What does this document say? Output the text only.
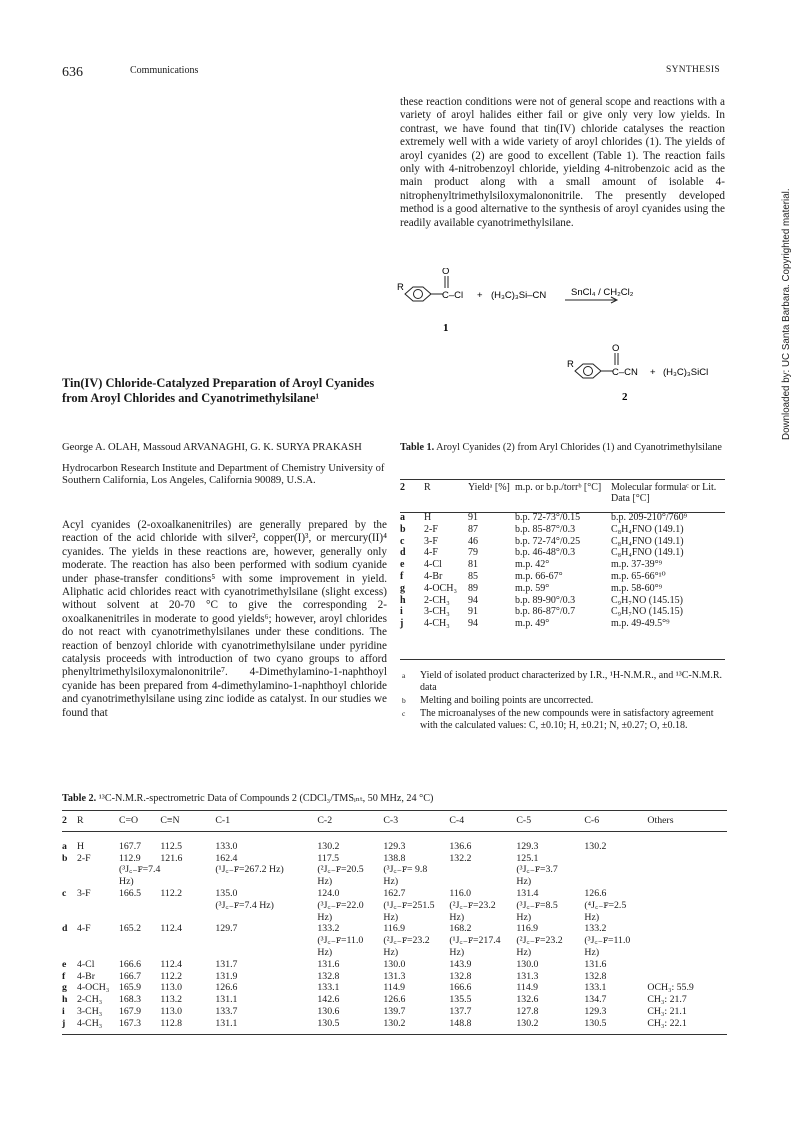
636	Communications	SYNTHESIS

these reaction conditions were not of general scope and reactions with a variety of aroyl halides either fail or give only very low yields. In contrast, we have found that tin(IV) chloride catalyses the reaction extremely well with a wide variety of aroyl chlorides (1). The yields of aroyl cyanides (2) are good to excellent (Table 1). The reaction fails only with 4-nitrobenzoyl chloride, yielding 4-nitrobenzoic acid as the main product along with a small amount of isolable 4-nitrophenyltrimethylsiloxymalononitrile. The presently developed method is a good alternative to the synthesis of aroyl cyanides using the readily available cyanotrimethylsilane.

R
O
C–Cl + (H₃C)₃Si–CN	SnCl₄ / CH₂Cl₂
1
R
O
C–CN + (H₃C)₃SiCl
2
Tin(IV) Chloride-Catalyzed Preparation of Aroyl Cyanides from Aroyl Chlorides and Cyanotrimethylsilane¹
George A. OLAH, Massoud ARVANAGHI, G. K. SURYA PRAKASH
Hydrocarbon Research Institute and Department of Chemistry University of Southern California, Los Angeles, California 90089, U.S.A.

Acyl cyanides (2-oxoalkanenitriles) are generally prepared by the reaction of the acid chloride with silver², copper(I)³, or mercury(II)⁴ cyanides. The yields in these reactions are, however, generally only moderate. The reaction has also been performed with sodium cyanide under phase-transfer conditions⁵ with some improvement in yield. Aliphatic acid chlorides react with cyanotrimethylsilane (slight excess) without solvent at 20-70 °C to give the corresponding 2-oxoalkanenitriles in moderate to good yields⁶; however, aroyl chlorides do not react with cyanotrimethylsilanes under these conditions. The reaction of benzoyl chloride with cyanotrimethylsilane under pyridine catalysis proceeds with introduction of two cyano groups to afford phenyltrimethylsiloxymalononitrile⁷. 4-Dimethylamino-1-naphthoyl cyanide has been prepared from 4-dimethylamino-1-naphthoyl chloride and cyanotrimethylsilane using zinc iodide as catalyst. In our studies we found that

Downloaded by: UC Santa Barbara. Copyrighted material.
Table 1. Aroyl Cyanides (2) from Aryl Chlorides (1) and Cyanotrimethylsilane
2	R	Yieldᵃ [%]	m.p. or b.p./torrᵇ [°C]	Molecular formulaᶜ or Lit. Data [°C]

a	H	91	b.p. 72-73°/0.15	b.p. 209-210°/760⁹
b	2-F	87	b.p. 85-87°/0.3	C₈H₄FNO (149.1)
c	3-F	46	b.p. 72-74°/0.25	C₈H₄FNO (149.1)
d	4-F	79	b.p. 46-48°/0.3	C₈H₄FNO (149.1)
e	4-Cl	81	m.p. 42°	m.p. 37-39°⁹
f	4-Br	85	m.p. 66-67°	m.p. 65-66°¹⁰
g	4-OCH₃	89	m.p. 59°	m.p. 58-60°⁹
h	2-CH₃	94	b.p. 89-90°/0.3	C₉H₇NO (145.15)
i	3-CH₃	91	b.p. 86-87°/0.7	C₉H₇NO (145.15)
j	4-CH₃	94	m.p. 49°	m.p. 49-49.5°⁹
a Yield of isolated product characterized by I.R., ¹H-N.M.R., and ¹³C-N.M.R. data
b Melting and boiling points are uncorrected.
c The microanalyses of the new compounds were in satisfactory agreement with the calculated values: C, ±0.10; H, ±0.21; N, ±0.27; O, ±0.18.
Table 2. ¹³C-N.M.R.-spectrometric Data of Compounds 2 (CDCl₃/TMSᵢₙₜ, 50 MHz, 24 °C)
2	R	C=O	C≡N	C-1	C-2	C-3	C-4	C-5	C-6	Others

a	H	167.7	112.5	133.0	130.2	129.3	136.6	129.3	130.2	
b	2-F	112.9	121.6	162.4	117.5	138.8	132.2	125.1		
		(³J꜀₋ꜰ=7.4		(¹J꜀₋ꜰ=267.2 Hz)	(²J꜀₋ꜰ=20.5	(³J꜀₋ꜰ= 9.8		(³J꜀₋ꜰ=3.7		
		Hz)			Hz)	Hz)		Hz)		
c	3-F	166.5	112.2	135.0	124.0	162.7	116.0	131.4	126.6	
				(³J꜀₋ꜰ=7.4 Hz)	(³J꜀₋ꜰ=22.0	(¹J꜀₋ꜰ=251.5	(²J꜀₋ꜰ=23.2	(³J꜀₋ꜰ=8.5	(⁴J꜀₋ꜰ=2.5	
					Hz)	Hz)	Hz)	Hz)	Hz)	
d	4-F	165.2	112.4	129.7	133.2	116.9	168.2	116.9	133.2	
					(³J꜀₋ꜰ=11.0	(²J꜀₋ꜰ=23.2	(¹J꜀₋ꜰ=217.4	(²J꜀₋ꜰ=23.2	(³J꜀₋ꜰ=11.0	
					Hz)	Hz)	Hz)	Hz)	Hz)	
e	4-Cl	166.6	112.4	131.7	131.6	130.0	143.9	130.0	131.6	
f	4-Br	166.7	112.2	131.9	132.8	131.3	132.8	131.3	132.8	
g	4-OCH₃	165.9	113.0	126.6	133.1	114.9	166.6	114.9	133.1	OCH₃: 55.9
h	2-CH₃	168.3	113.2	131.1	142.6	126.6	135.5	132.6	134.7	CH₃: 21.7
i	3-CH₃	167.9	113.0	133.7	130.6	139.7	137.7	127.8	129.3	CH₃: 21.1
j	4-CH₃	167.3	112.8	131.1	130.5	130.2	148.8	130.2	130.5	CH₃: 22.1
